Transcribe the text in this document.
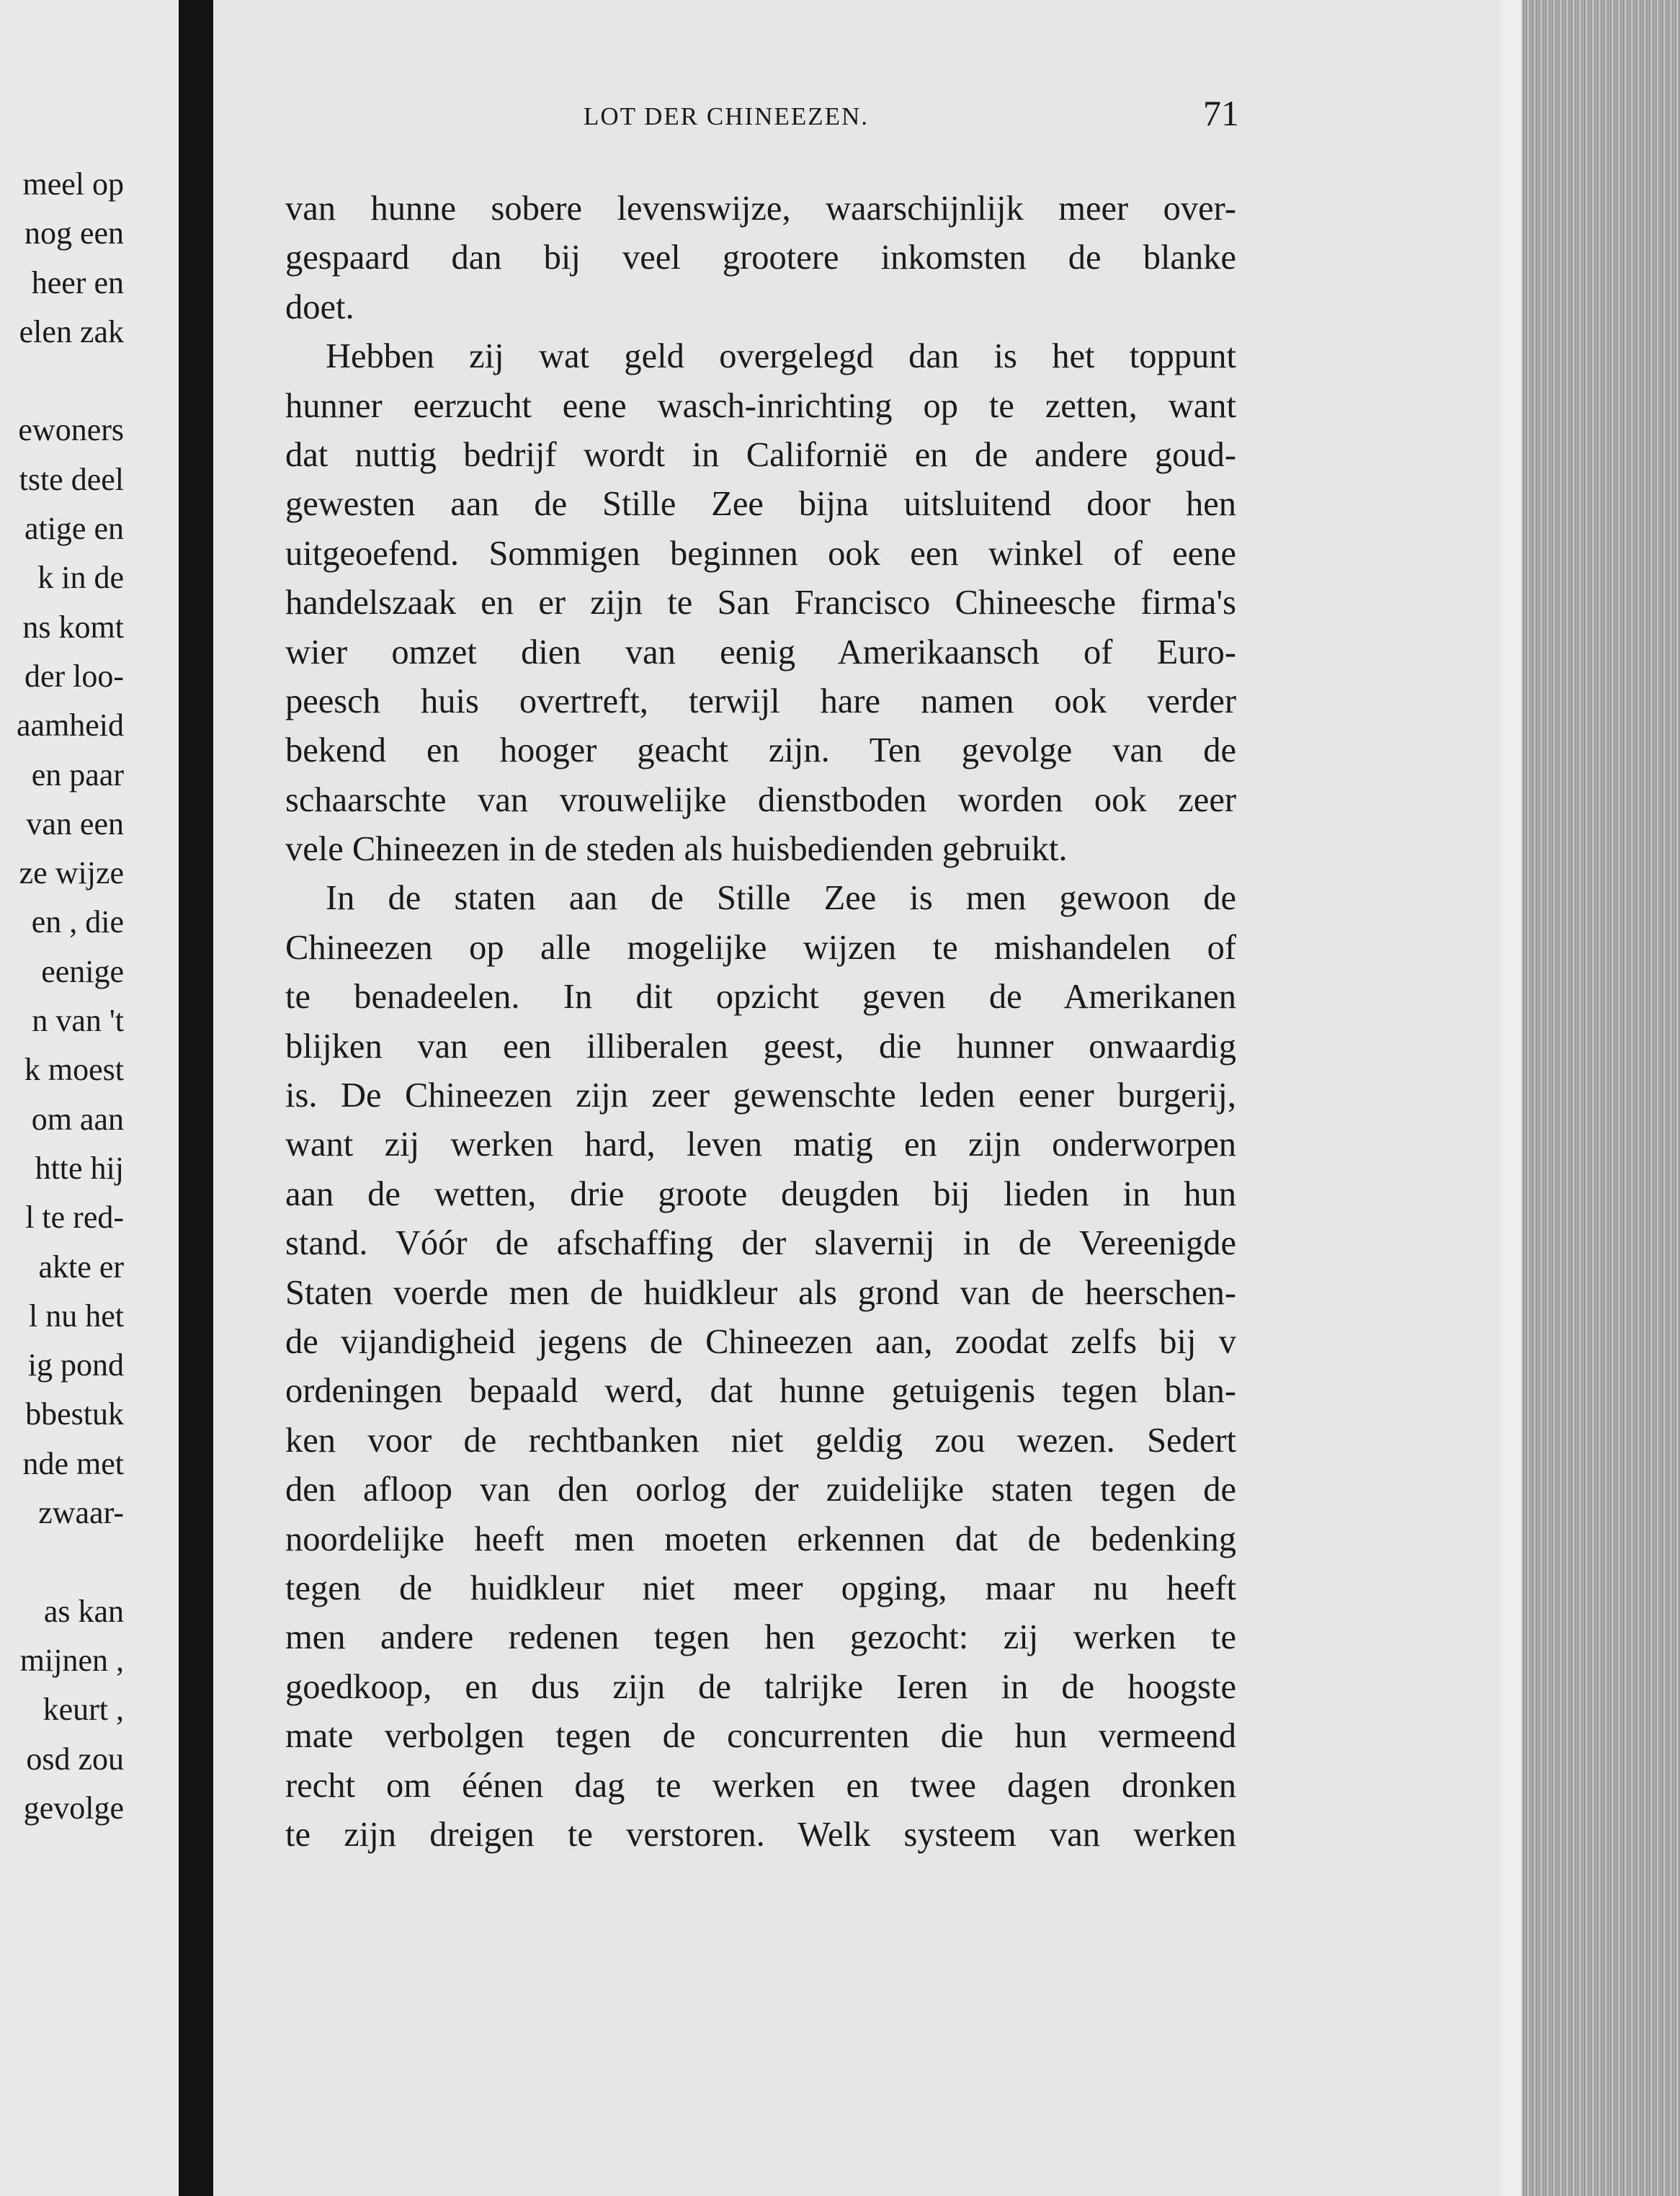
meel op
nog een
heer en
elen zak
ewoners
tste deel
atige en
k in de
ns komt
der loo-
aamheid
en paar
van een
ze wijze
en , die
eenige
n van 't
k moest
om aan
htte hij
l te red-
akte er
l nu het
ig pond
bbestuk
nde met
zwaar-
as kan
mijnen ,
keurt ,
osd zou
gevolge
LOT DER CHINEEZEN.	71
van hunne sobere levenswijze, waarschijnlijk meer over-
gespaard dan bij veel grootere inkomsten de blanke
doet.
Hebben zij wat geld overgelegd dan is het toppunt
hunner eerzucht eene wasch-inrichting op te zetten, want
dat nuttig bedrijf wordt in Californië en de andere goud-
gewesten aan de Stille Zee bijna uitsluitend door hen
uitgeoefend. Sommigen beginnen ook een winkel of eene
handelszaak en er zijn te San Francisco Chineesche firma's
wier omzet dien van eenig Amerikaansch of Euro-
peesch huis overtreft, terwijl hare namen ook verder
bekend en hooger geacht zijn. Ten gevolge van de
schaarschte van vrouwelijke dienstboden worden ook zeer
vele Chineezen in de steden als huisbedienden gebruikt.
In de staten aan de Stille Zee is men gewoon de
Chineezen op alle mogelijke wijzen te mishandelen of
te benadeelen. In dit opzicht geven de Amerikanen
blijken van een illiberalen geest, die hunner onwaardig
is. De Chineezen zijn zeer gewenschte leden eener burgerij,
want zij werken hard, leven matig en zijn onderworpen
aan de wetten, drie groote deugden bij lieden in hun
stand. Vóór de afschaffing der slavernij in de Vereenigde
Staten voerde men de huidkleur als grond van de heerschen-
de vijandigheid jegens de Chineezen aan, zoodat zelfs bij v
ordeningen bepaald werd, dat hunne getuigenis tegen blan-
ken voor de rechtbanken niet geldig zou wezen. Sedert
den afloop van den oorlog der zuidelijke staten tegen de
noordelijke heeft men moeten erkennen dat de bedenking
tegen de huidkleur niet meer opging, maar nu heeft
men andere redenen tegen hen gezocht: zij werken te
goedkoop, en dus zijn de talrijke Ieren in de hoogste
mate verbolgen tegen de concurrenten die hun vermeend
recht om éénen dag te werken en twee dagen dronken
te zijn dreigen te verstoren. Welk systeem van werken
